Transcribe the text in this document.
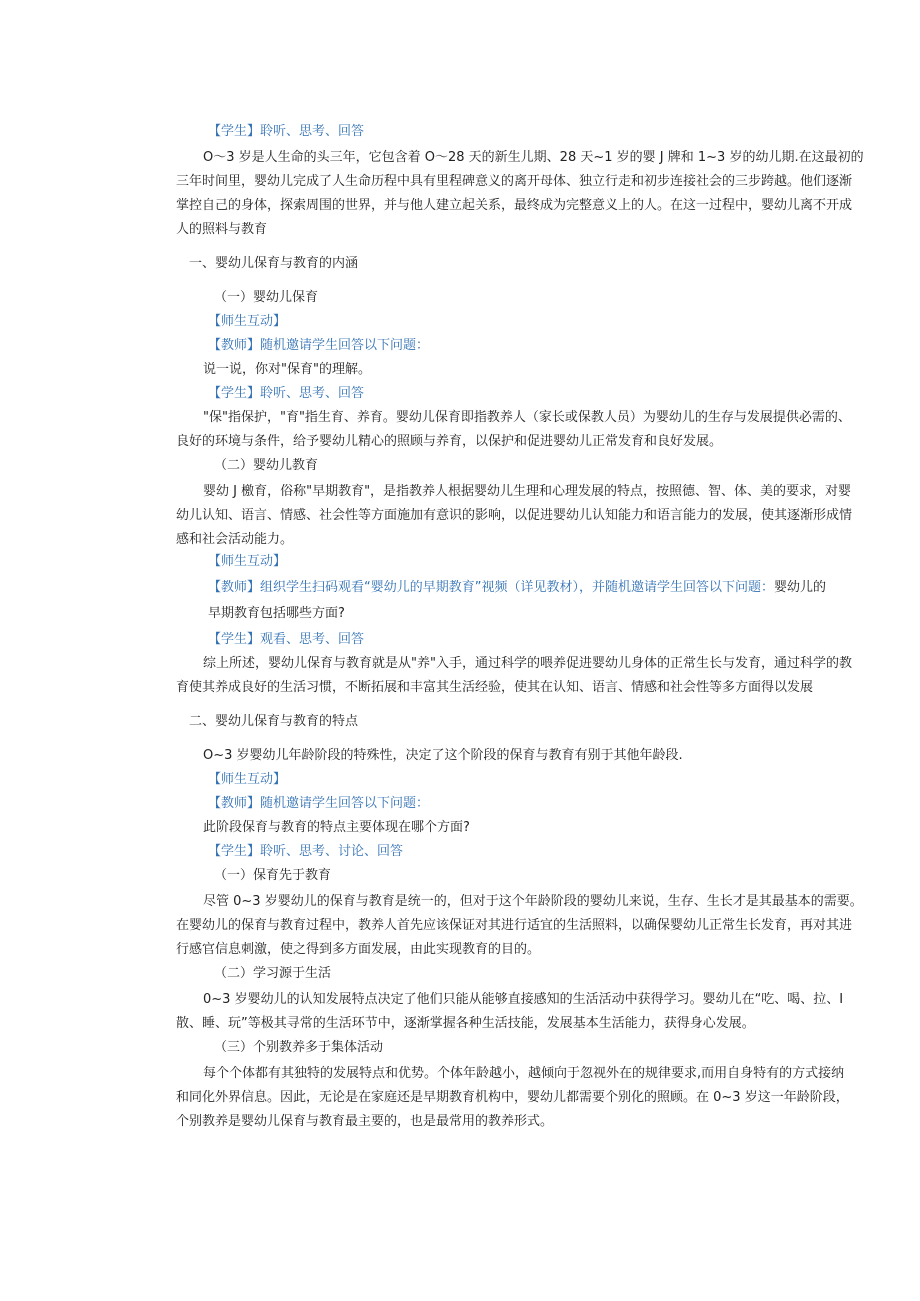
【学生】聆听、思考、回答
O～3 岁是人生命的头三年，它包含着 O～28 天的新生儿期、28 天~1 岁的婴 J 牌和 1~3 岁的幼儿期.在这最初的
三年时间里，婴幼儿完成了人生命历程中具有里程碑意义的离开母体、独立行走和初步连接社会的三步跨越。他们逐渐
掌控自己的身体，探索周围的世界，并与他人建立起关系，最终成为完整意义上的人。在这一过程中，婴幼儿离不开成
人的照料与教育
一、婴幼儿保育与教育的内涵
（一）婴幼儿保育
【师生互动】
【教师】随机邀请学生回答以下问题：
说一说，你对"保育"的理解。
【学生】聆听、思考、回答
"保"指保护，"育"指生育、养育。婴幼儿保育即指教养人（家长或保教人员）为婴幼儿的生存与发展提供必需的、
良好的环境与条件，给予婴幼儿精心的照顾与养育，以保护和促进婴幼儿正常发育和良好发展。
（二）婴幼儿教育
婴幼 J 檄育，俗称"早期教育"，是指教养人根据婴幼儿生理和心理发展的特点，按照德、智、体、美的要求，对婴
幼儿认知、语言、情感、社会性等方面施加有意识的影响，以促进婴幼儿认知能力和语言能力的发展，使其逐渐形成情
感和社会活动能力。
【师生互动】
【教师】组织学生扫码观看“婴幼儿的早期教育”视频（详见教材），并随机邀请学生回答以下问题：婴幼儿的
早期教育包括哪些方面?
【学生】观看、思考、回答
综上所述，婴幼儿保育与教育就是从"养"入手，通过科学的喂养促进婴幼儿身体的正常生长与发育，通过科学的教
育使其养成良好的生活习惯，不断拓展和丰富其生活经验，使其在认知、语言、情感和社会性等多方面得以发展
二、婴幼儿保育与教育的特点
O~3 岁婴幼儿年龄阶段的特殊性，决定了这个阶段的保育与教育有别于其他年龄段.
【师生互动】
【教师】随机邀请学生回答以下问题：
此阶段保育与教育的特点主要体现在哪个方面?
【学生】聆听、思考、讨论、回答
（一）保育先于教育
尽管 0~3 岁婴幼儿的保育与教育是统一的，但对于这个年龄阶段的婴幼儿来说，生存、生长才是其最基本的需要。
在婴幼儿的保育与教育过程中，教养人首先应该保证对其进行适宜的生活照料，以确保婴幼儿正常生长发育，再对其进
行感官信息刺激，使之得到多方面发展，由此实现教育的目的。
（二）学习源于生活
0~3 岁婴幼儿的认知发展特点决定了他们只能从能够直接感知的生活活动中获得学习。婴幼儿在“吃、喝、拉、I
散、睡、玩”等极其寻常的生活环节中，逐渐掌握各种生活技能，发展基本生活能力，获得身心发展。
（三）个别教养多于集体活动
每个个体都有其独特的发展特点和优势。个体年龄越小，越倾向于忽视外在的规律要求,而用自身特有的方式接纳
和同化外界信息。因此，无论是在家庭还是早期教育机构中，婴幼儿都需要个别化的照顾。在 0~3 岁这一年龄阶段，
个别教养是婴幼儿保育与教育最主要的，也是最常用的教养形式。
